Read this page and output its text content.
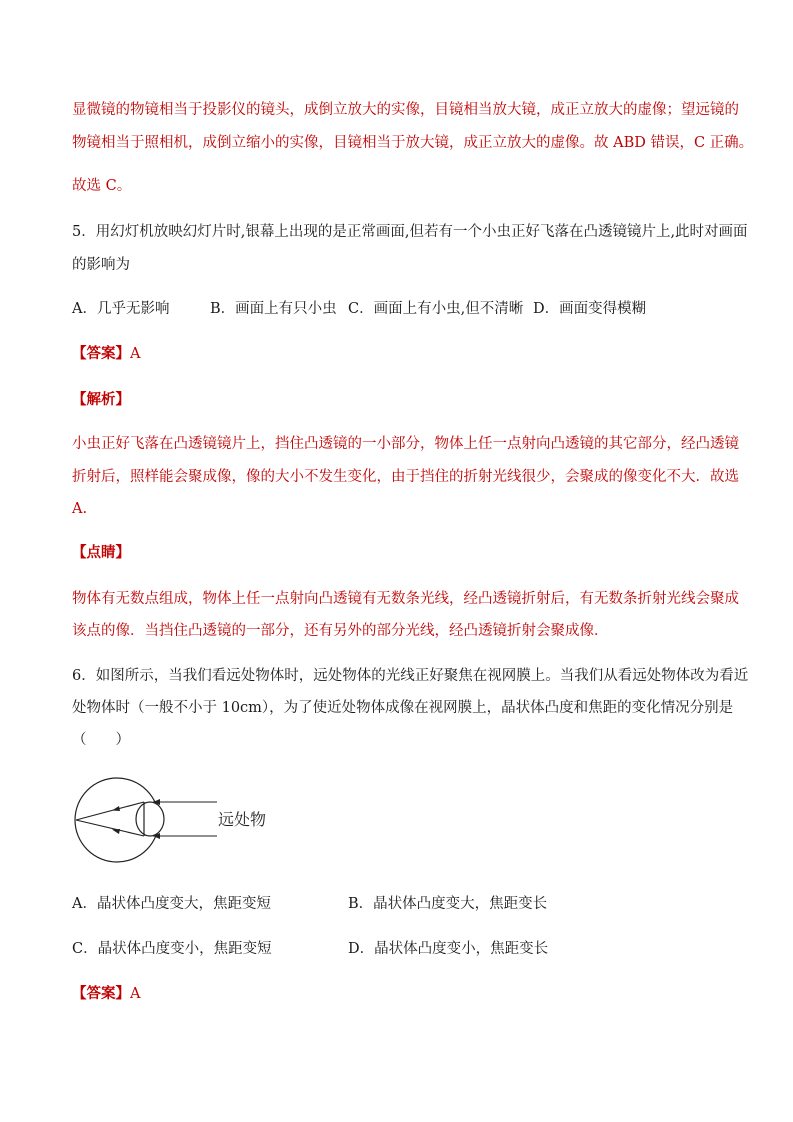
显微镜的物镜相当于投影仪的镜头，成倒立放大的实像，目镜相当放大镜，成正立放大的虚像；望远镜的
物镜相当于照相机，成倒立缩小的实像，目镜相当于放大镜，成正立放大的虚像。故 ABD 错误，C 正确。
故选 C。
5．用幻灯机放映幻灯片时,银幕上出现的是正常画面,但若有一个小虫正好飞落在凸透镜镜片上,此时对画面
的影响为
A．几乎无影响	B．画面上有只小虫 C．画面上有小虫,但不清晰 D．画面变得模糊
【答案】A
【解析】
小虫正好飞落在凸透镜镜片上，挡住凸透镜的一小部分，物体上任一点射向凸透镜的其它部分，经凸透镜
折射后，照样能会聚成像，像的大小不发生变化，由于挡住的折射光线很少，会聚成的像变化不大．故选
A.
【点睛】
物体有无数点组成，物体上任一点射向凸透镜有无数条光线，经凸透镜折射后，有无数条折射光线会聚成
该点的像．当挡住凸透镜的一部分，还有另外的部分光线，经凸透镜折射会聚成像．
6．如图所示，当我们看远处物体时，远处物体的光线正好聚焦在视网膜上。当我们从看远处物体改为看近
处物体时（一般不小于 10cm），为了使近处物体成像在视网膜上，晶状体凸度和焦距的变化情况分别是
（　　）
远处物
A．晶状体凸度变大，焦距变短	B．晶状体凸度变大，焦距变长
C．晶状体凸度变小，焦距变短	D．晶状体凸度变小，焦距变长
【答案】A
